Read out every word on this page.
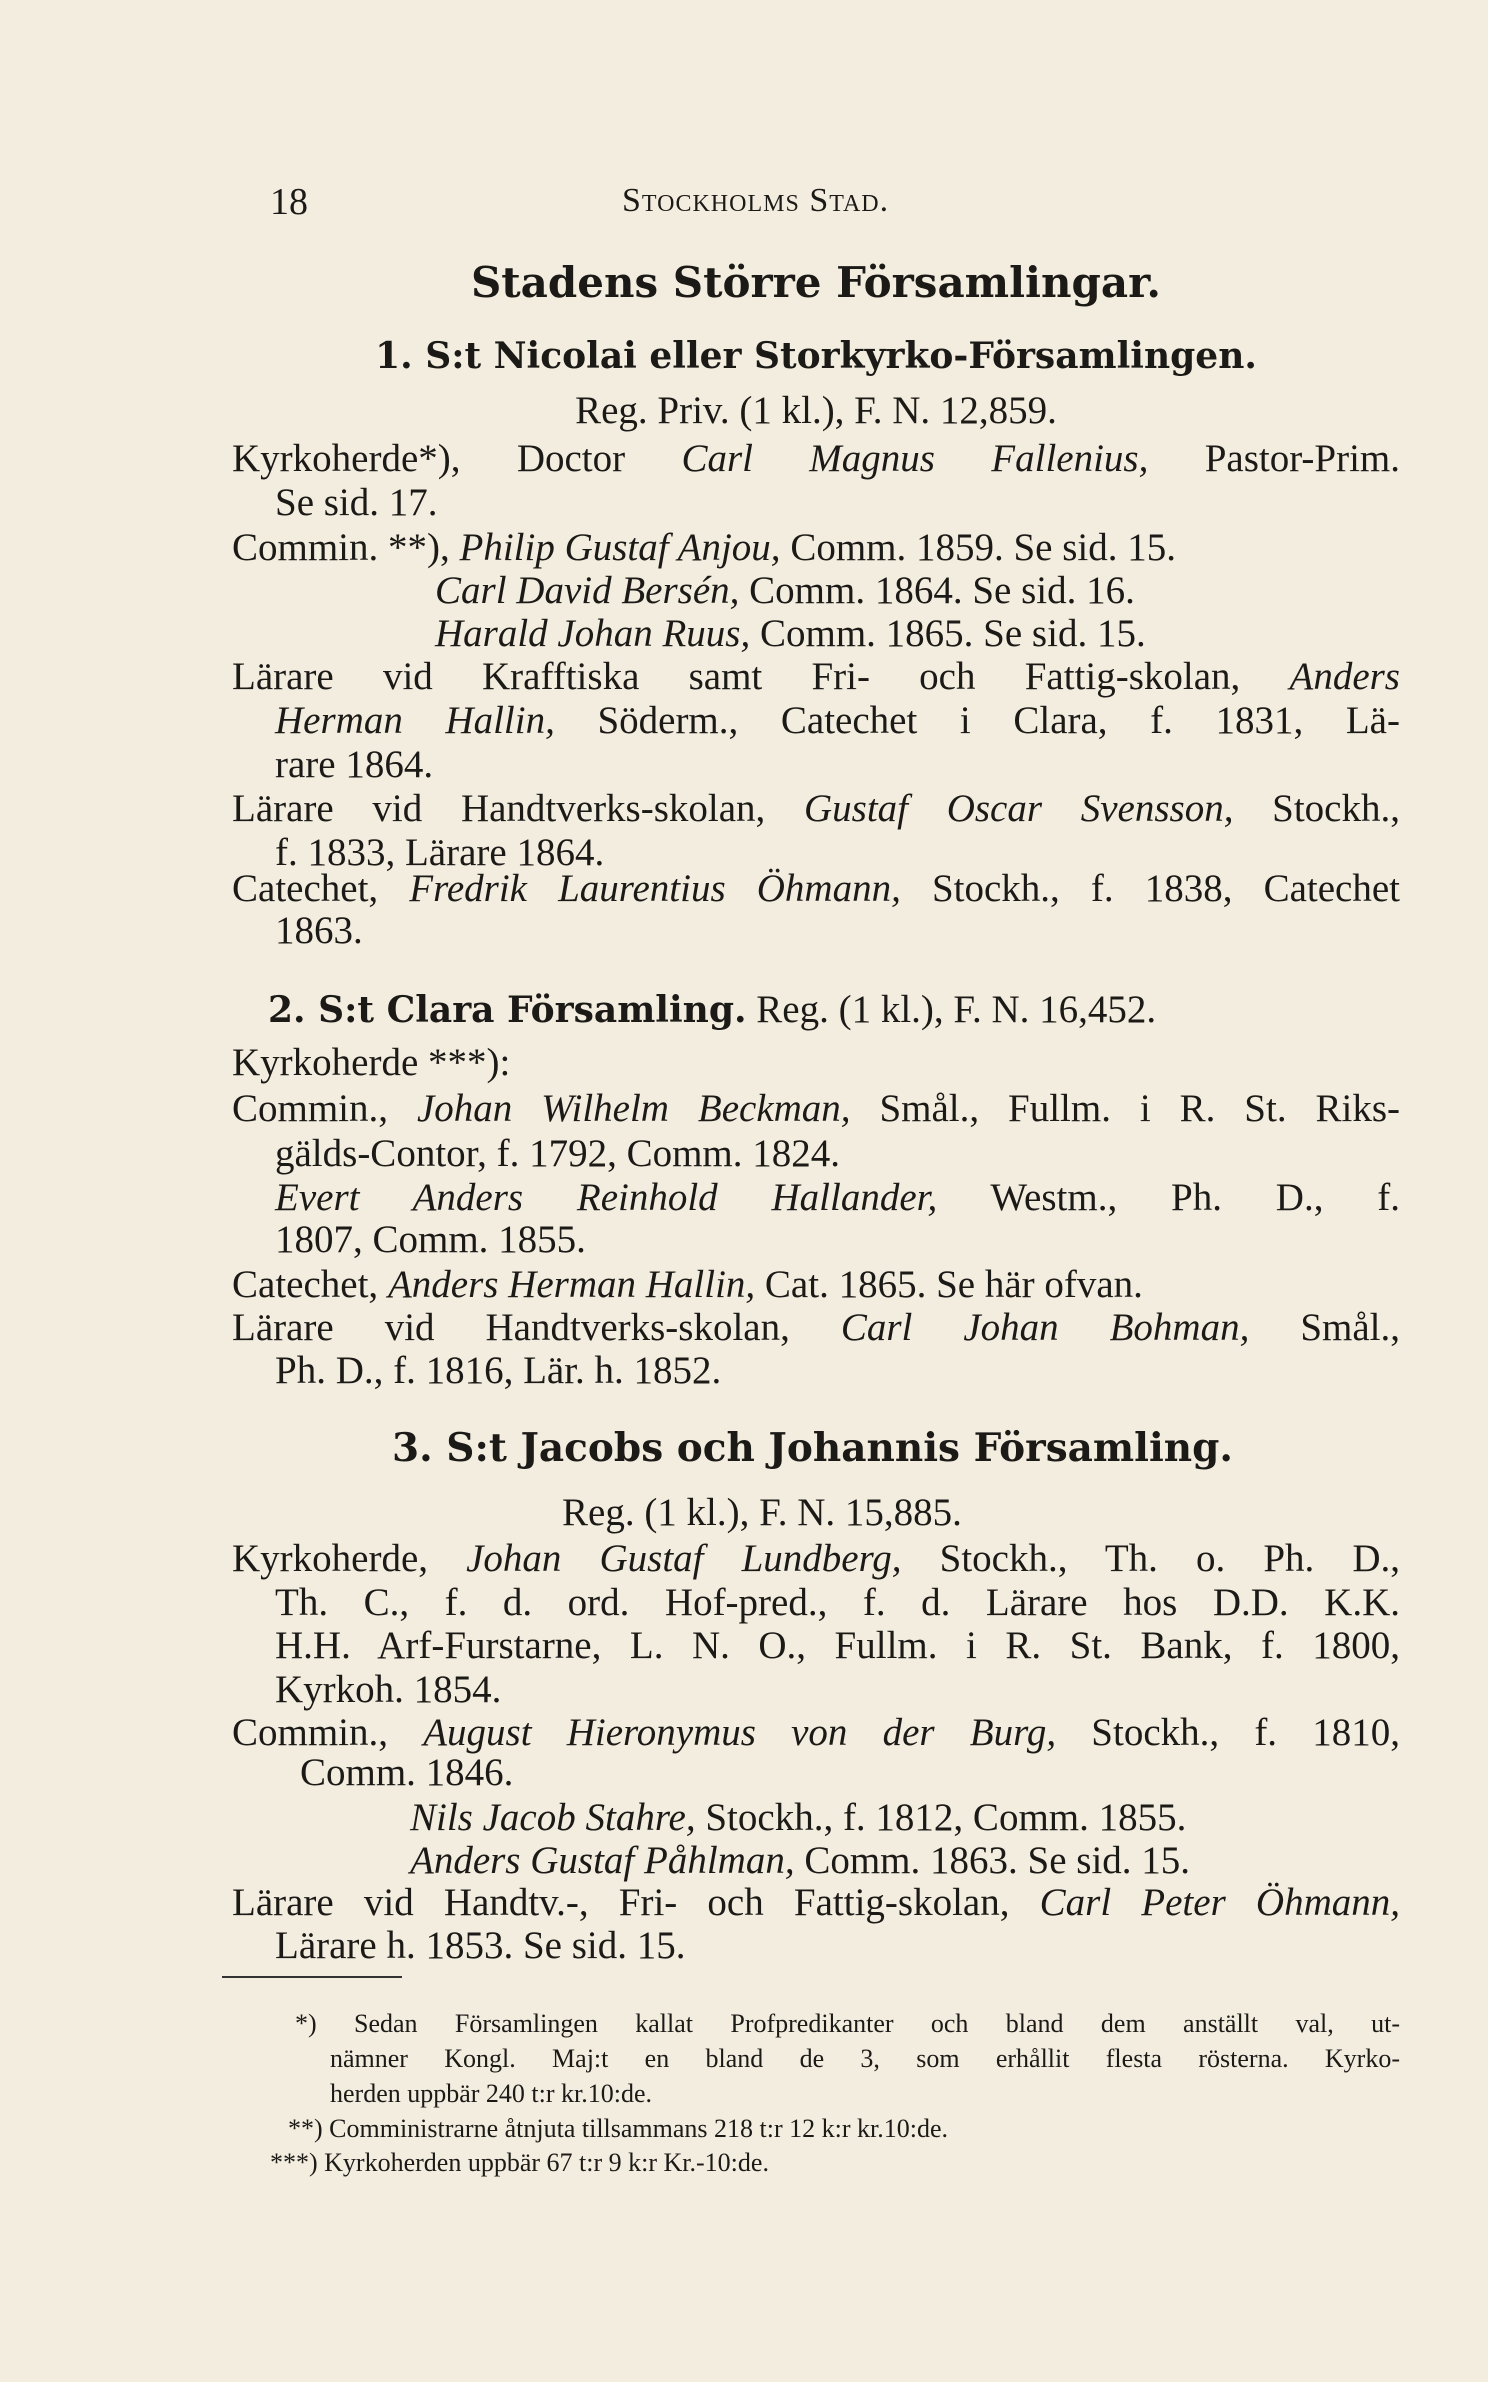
18	Stockholms Stad.
Stadens Större Församlingar.
1. S:t Nicolai eller Storkyrko-Församlingen.
Reg. Priv. (1 kl.), F. N. 12,859.
Kyrkoherde*), Doctor Carl Magnus Fallenius, Pastor-Prim.
Se sid. 17.
Commin. **), Philip Gustaf Anjou, Comm. 1859. Se sid. 15.
Carl David Bersén, Comm. 1864. Se sid. 16.
Harald Johan Ruus, Comm. 1865. Se sid. 15.
Lärare vid Krafftiska samt Fri- och Fattig-skolan, Anders
Herman Hallin, Söderm., Catechet i Clara, f. 1831, Lä-
rare 1864.
Lärare vid Handtverks-skolan, Gustaf Oscar Svensson, Stockh.,
f. 1833, Lärare 1864.
Catechet, Fredrik Laurentius Öhmann, Stockh., f. 1838, Catechet
1863.
2. S:t Clara Församling. Reg. (1 kl.), F. N. 16,452.
Kyrkoherde ***):
Commin., Johan Wilhelm Beckman, Smål., Fullm. i R. St. Riks-
gälds-Contor, f. 1792, Comm. 1824.
Evert Anders Reinhold Hallander, Westm., Ph. D., f.
1807, Comm. 1855.
Catechet, Anders Herman Hallin, Cat. 1865. Se här ofvan.
Lärare vid Handtverks-skolan, Carl Johan Bohman, Smål.,
Ph. D., f. 1816, Lär. h. 1852.
3. S:t Jacobs och Johannis Församling.
Reg. (1 kl.), F. N. 15,885.
Kyrkoherde, Johan Gustaf Lundberg, Stockh., Th. o. Ph. D.,
Th. C., f. d. ord. Hof-pred., f. d. Lärare hos D.D. K.K.
H.H. Arf-Furstarne, L. N. O., Fullm. i R. St. Bank, f. 1800,
Kyrkoh. 1854.
Commin., August Hieronymus von der Burg, Stockh., f. 1810,
Comm. 1846.
Nils Jacob Stahre, Stockh., f. 1812, Comm. 1855.
Anders Gustaf Påhlman, Comm. 1863. Se sid. 15.
Lärare vid Handtv.-, Fri- och Fattig-skolan, Carl Peter Öhmann,
Lärare h. 1853. Se sid. 15.
*) Sedan Församlingen kallat Profpredikanter och bland dem anställt val, ut-
nämner Kongl. Maj:t en bland de 3, som erhållit flesta rösterna. Kyrko-
herden uppbär 240 t:r kr.10:de.
**) Comministrarne åtnjuta tillsammans 218 t:r 12 k:r kr.10:de.
***) Kyrkoherden uppbär 67 t:r 9 k:r Kr.-10:de.
